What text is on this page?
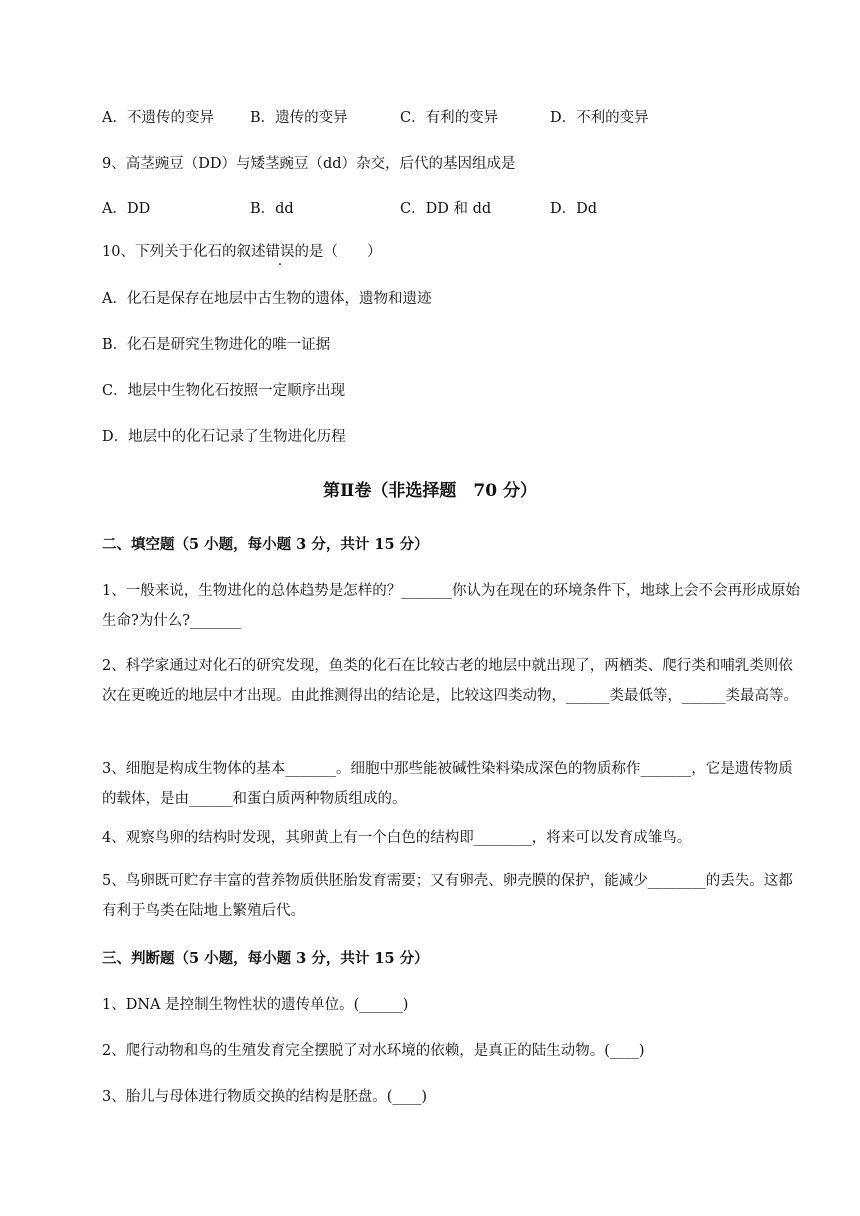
A．不遗传的变异 B．遗传的变异	C．有利的变异	D．不利的变异
9、高茎豌豆（DD）与矮茎豌豆（dd）杂交，后代的基因组成是
A．DD	B．dd	C．DD 和 dd	D．Dd
10、下列关于化石的叙述错误的是（　　）
A．化石是保存在地层中古生物的遗体，遗物和遗迹
B．化石是研究生物进化的唯一证据
C．地层中生物化石按照一定顺序出现
D．地层中的化石记录了生物进化历程
第Ⅱ卷（非选择题　70 分）
二、填空题（5 小题，每小题 3 分，共计 15 分）
1、一般来说，生物进化的总体趋势是怎样的？_______你认为在现在的环境条件下，地球上会不会再形成原始生命?为什么?_______
2、科学家通过对化石的研究发现，鱼类的化石在比较古老的地层中就出现了，两栖类、爬行类和哺乳类则依次在更晚近的地层中才出现。由此推测得出的结论是，比较这四类动物，______类最低等，______类最高等。
3、细胞是构成生物体的基本_______。细胞中那些能被碱性染料染成深色的物质称作_______，它是遗传物质的载体，是由______和蛋白质两种物质组成的。
4、观察鸟卵的结构时发现，其卵黄上有一个白色的结构即________，将来可以发育成雏鸟。
5、鸟卵既可贮存丰富的营养物质供胚胎发育需要；又有卵壳、卵壳膜的保护，能减少________的丢失。这都有利于鸟类在陆地上繁殖后代。
三、判断题（5 小题，每小题 3 分，共计 15 分）
1、DNA 是控制生物性状的遗传单位。(______)
2、爬行动物和鸟的生殖发育完全摆脱了对水环境的依赖，是真正的陆生动物。(____)
3、胎儿与母体进行物质交换的结构是胚盘。(____)
